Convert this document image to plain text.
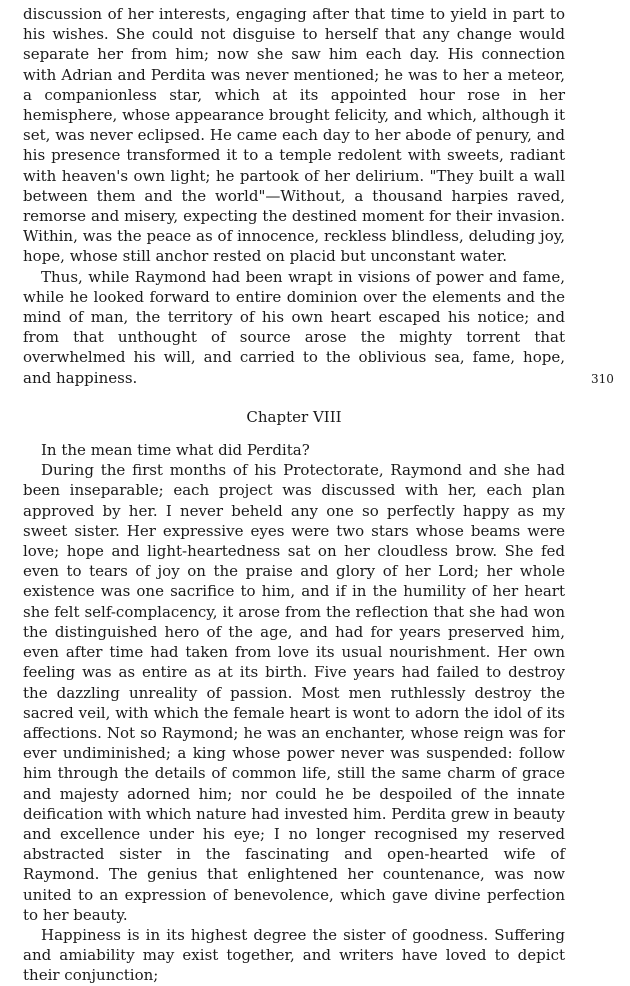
discussion of her interests, engaging after that time to yield in part to his wishes. She could not disguise to herself that any change would separate her from him; now she saw him each day. His connection with Adrian and Perdita was never mentioned; he was to her a meteor, a companionless star, which at its appointed hour rose in her hemisphere, whose appearance brought felicity, and which, although it set, was never eclipsed. He came each day to her abode of penury, and his presence transformed it to a temple redolent with sweets, radiant with heaven's own light; he partook of her delirium. "They built a wall between them and the world"—Without, a thousand harpies raved, remorse and misery, expecting the destined moment for their invasion. Within, was the peace as of innocence, reckless blindless, deluding joy, hope, whose still anchor rested on placid but unconstant water.

Thus, while Raymond had been wrapt in visions of power and fame, while he looked forward to entire dominion over the elements and the mind of man, the territory of his own heart escaped his notice; and from that unthought of source arose the mighty torrent that overwhelmed his will, and carried to the oblivious sea, fame, hope, and happiness.

Chapter VIII

In the mean time what did Perdita?

During the first months of his Protectorate, Raymond and she had been inseparable; each project was discussed with her, each plan approved by her. I never beheld any one so perfectly happy as my sweet sister. Her expressive eyes were two stars whose beams were love; hope and light-heartedness sat on her cloudless brow. She fed even to tears of joy on the praise and glory of her Lord; her whole existence was one sacrifice to him, and if in the humility of her heart she felt self-complacency, it arose from the reflection that she had won the distinguished hero of the age, and had for years preserved him, even after time had taken from love its usual nourishment. Her own feeling was as entire as at its birth. Five years had failed to destroy the dazzling unreality of passion. Most men ruthlessly destroy the sacred veil, with which the female heart is wont to adorn the idol of its affections. Not so Raymond; he was an enchanter, whose reign was for ever undiminished; a king whose power never was suspended: follow him through the details of common life, still the same charm of grace and majesty adorned him; nor could he be despoiled of the innate deification with which nature had invested him. Perdita grew in beauty and excellence under his eye; I no longer recognised my reserved abstracted sister in the fascinating and open-hearted wife of Raymond. The genius that enlightened her countenance, was now united to an expression of benevolence, which gave divine perfection to her beauty.

Happiness is in its highest degree the sister of goodness. Suffering and amiability may exist together, and writers have loved to depict their conjunction;

310
